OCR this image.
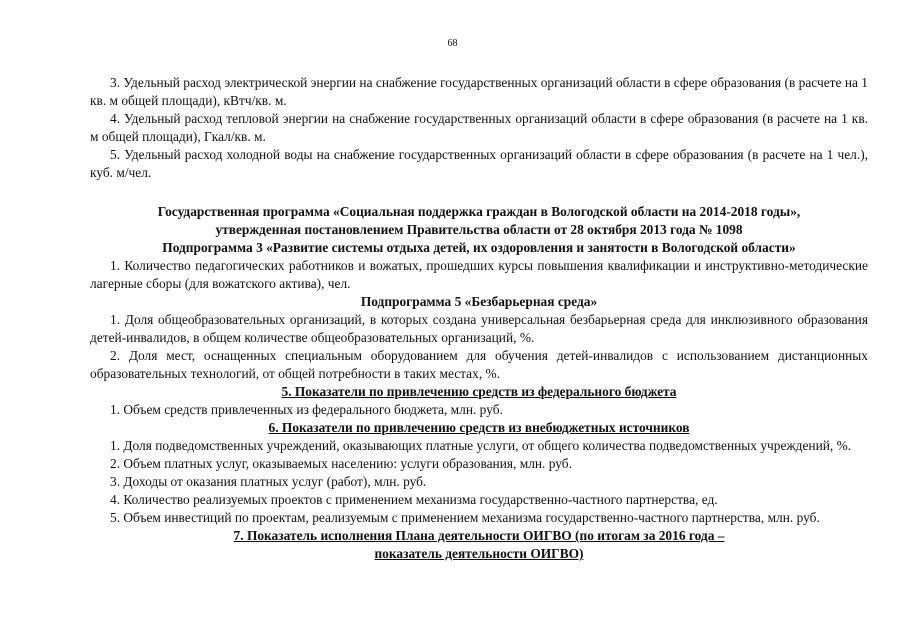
68

3. Удельный расход электрической энергии на снабжение государственных организаций области в сфере образования (в расчете на 1 кв. м общей площади), кВтч/кв. м.

4. Удельный расход тепловой энергии на снабжение государственных организаций области в сфере образования (в расчете на 1 кв. м общей площади), Гкал/кв. м.

5. Удельный расход холодной воды на снабжение государственных организаций области в сфере образования (в расчете на 1 чел.), куб. м/чел.

Государственная программа «Социальная поддержка граждан в Вологодской области на 2014-2018 годы»,

утвержденная постановлением Правительства области от 28 октября 2013 года № 1098

Подпрограмма 3 «Развитие системы отдыха детей, их оздоровления и занятости в Вологодской области»

1. Количество педагогических работников и вожатых, прошедших курсы повышения квалификации и инструктивно-методические лагерные сборы (для вожатского актива), чел.

Подпрограмма 5 «Безбарьерная среда»

1. Доля общеобразовательных организаций, в которых создана универсальная безбарьерная среда для инклюзивного образования детей-инвалидов, в общем количестве общеобразовательных организаций, %.

2. Доля мест, оснащенных специальным оборудованием для обучения детей-инвалидов с использованием дистанционных образовательных технологий, от общей потребности в таких местах, %.

5. Показатели по привлечению средств из федерального бюджета

1. Объем средств привлеченных из федерального бюджета, млн. руб.

6. Показатели по привлечению средств из внебюджетных источников

1. Доля подведомственных учреждений, оказывающих платные услуги, от общего количества подведомственных учреждений, %.

2. Объем платных услуг, оказываемых населению: услуги образования, млн. руб.

3. Доходы от оказания платных услуг (работ), млн. руб.

4. Количество реализуемых проектов с применением механизма государственно-частного партнерства, ед.

5. Объем инвестиций по проектам, реализуемым с применением механизма государственно-частного партнерства, млн. руб.

7. Показатель исполнения Плана деятельности ОИГВО (по итогам за 2016 года –

показатель деятельности ОИГВО)
